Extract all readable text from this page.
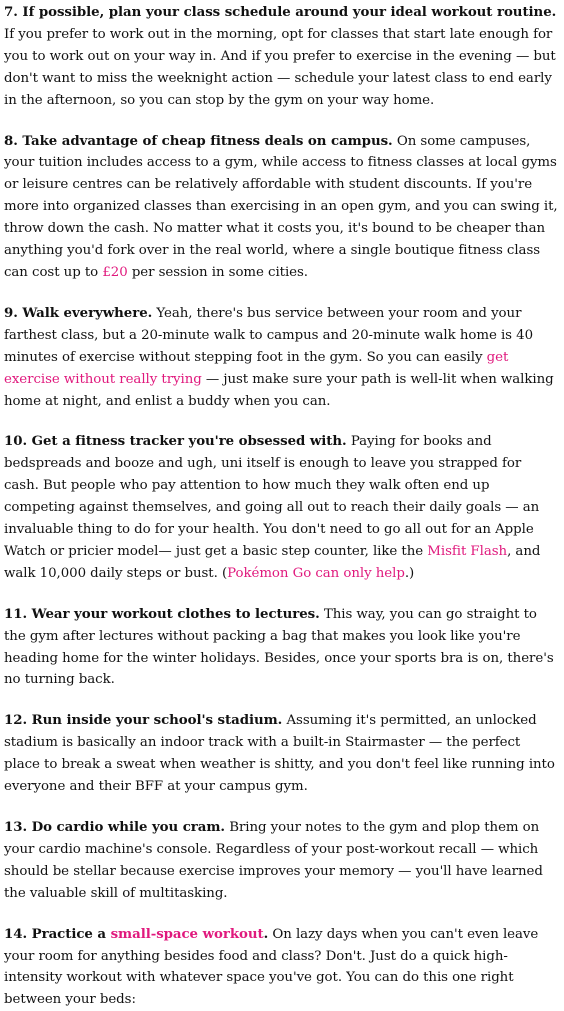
7. If possible, plan your class schedule around your ideal workout routine. If you prefer to work out in the morning, opt for classes that start late enough for you to work out on your way in. And if you prefer to exercise in the evening — but don't want to miss the weeknight action — schedule your latest class to end early in the afternoon, so you can stop by the gym on your way home.

8. Take advantage of cheap fitness deals on campus. On some campuses, your tuition includes access to a gym, while access to fitness classes at local gyms or leisure centres can be relatively affordable with student discounts. If you're more into organized classes than exercising in an open gym, and you can swing it, throw down the cash. No matter what it costs you, it's bound to be cheaper than anything you'd fork over in the real world, where a single boutique fitness class can cost up to £20 per session in some cities.

9. Walk everywhere. Yeah, there's bus service between your room and your farthest class, but a 20-minute walk to campus and 20-minute walk home is 40 minutes of exercise without stepping foot in the gym. So you can easily get exercise without really trying — just make sure your path is well-lit when walking home at night, and enlist a buddy when you can.

10. Get a fitness tracker you're obsessed with. Paying for books and bedspreads and booze and ugh, uni itself is enough to leave you strapped for cash. But people who pay attention to how much they walk often end up competing against themselves, and going all out to reach their daily goals — an invaluable thing to do for your health. You don't need to go all out for an Apple Watch or pricier model— just get a basic step counter, like the Misfit Flash, and walk 10,000 daily steps or bust. (Pokémon Go can only help.)

11. Wear your workout clothes to lectures. This way, you can go straight to the gym after lectures without packing a bag that makes you look like you're heading home for the winter holidays. Besides, once your sports bra is on, there's no turning back.

12. Run inside your school's stadium. Assuming it's permitted, an unlocked stadium is basically an indoor track with a built-in Stairmaster — the perfect place to break a sweat when weather is shitty, and you don't feel like running into everyone and their BFF at your campus gym.

13. Do cardio while you cram. Bring your notes to the gym and plop them on your cardio machine's console. Regardless of your post-workout recall — which should be stellar because exercise improves your memory — you'll have learned the valuable skill of multitasking.

14. Practice a small-space workout. On lazy days when you can't even leave your room for anything besides food and class? Don't. Just do a quick high-intensity workout with whatever space you've got. You can do this one right between your beds:
